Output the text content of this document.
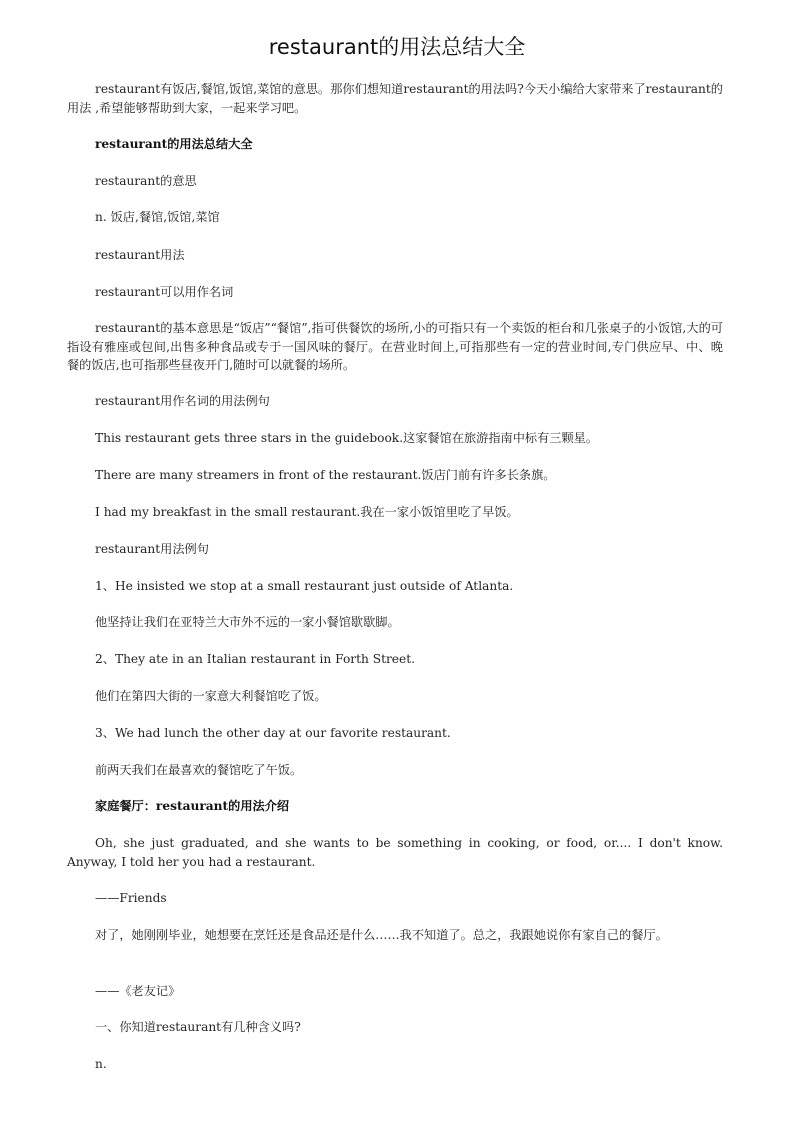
restaurant的用法总结大全
restaurant有饭店,餐馆,饭馆,菜馆的意思。那你们想知道restaurant的用法吗?今天小编给大家带来了restaurant的用法 ,希望能够帮助到大家，一起来学习吧。
restaurant的用法总结大全
restaurant的意思
n. 饭店,餐馆,饭馆,菜馆
restaurant用法
restaurant可以用作名词
restaurant的基本意思是“饭店”“餐馆”,指可供餐饮的场所,小的可指只有一个卖饭的柜台和几张桌子的小饭馆,大的可指设有雅座或包间,出售多种食品或专于一国风味的餐厅。在营业时间上,可指那些有一定的营业时间,专门供应早、中、晚餐的饭店,也可指那些昼夜开门,随时可以就餐的场所。
restaurant用作名词的用法例句
This restaurant gets three stars in the guidebook.这家餐馆在旅游指南中标有三颗星。
There are many streamers in front of the restaurant.饭店门前有许多长条旗。
I had my breakfast in the small restaurant.我在一家小饭馆里吃了早饭。
restaurant用法例句
1、He insisted we stop at a small restaurant just outside of Atlanta.
他坚持让我们在亚特兰大市外不远的一家小餐馆歇歇脚。
2、They ate in an Italian restaurant in Forth Street.
他们在第四大街的一家意大利餐馆吃了饭。
3、We had lunch the other day at our favorite restaurant.
前两天我们在最喜欢的餐馆吃了午饭。
家庭餐厅：restaurant的用法介绍
Oh, she just graduated, and she wants to be something in cooking, or food, or.... I don't know. Anyway, I told her you had a restaurant.
——Friends
对了，她刚刚毕业，她想要在烹饪还是食品还是什么……我不知道了。总之，我跟她说你有家自己的餐厅。
——《老友记》
一、你知道restaurant有几种含义吗?
n.
